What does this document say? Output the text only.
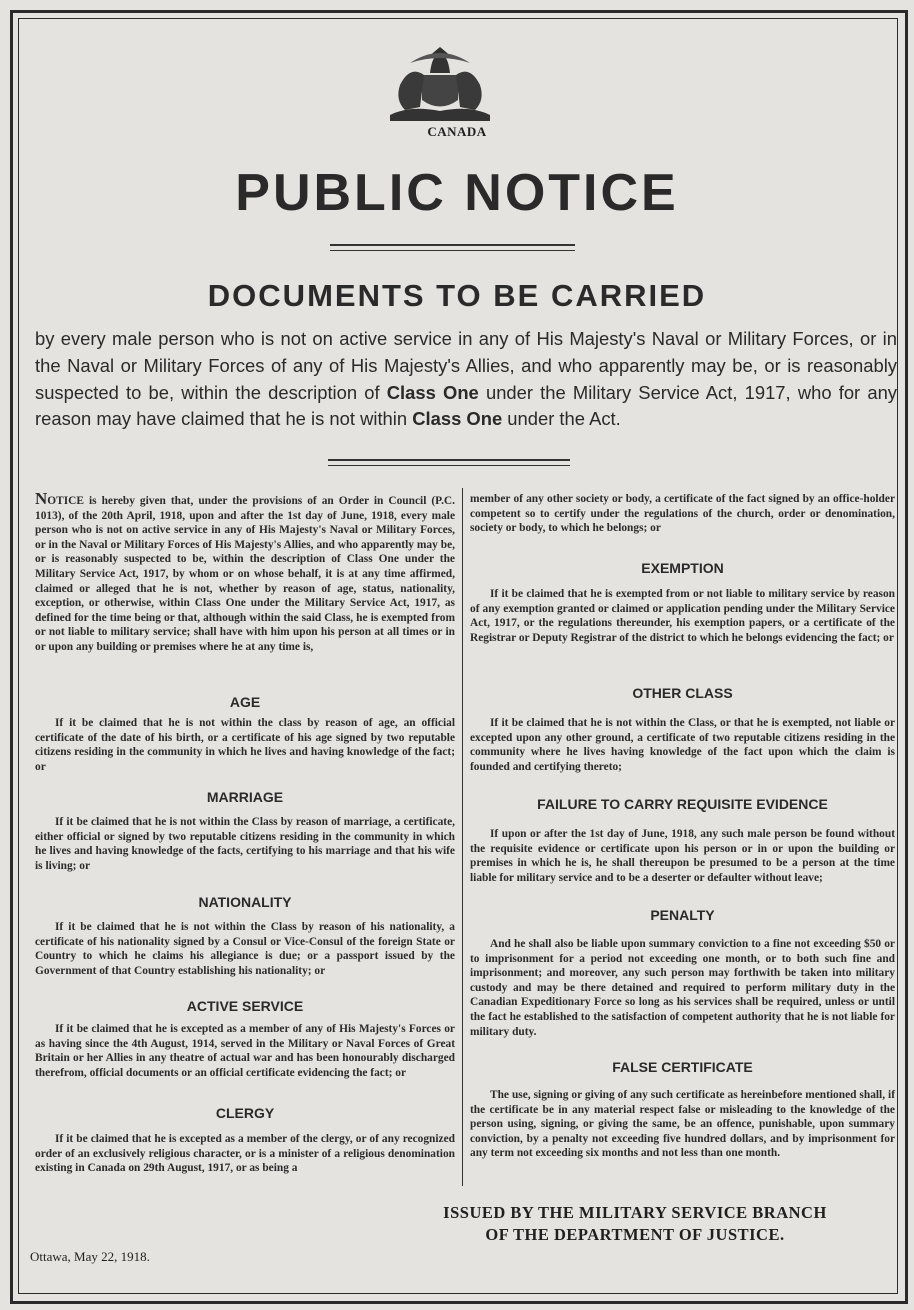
CANADA
PUBLIC NOTICE
DOCUMENTS TO BE CARRIED
by every male person who is not on active service in any of His Majesty's Naval or Military Forces, or in the Naval or Military Forces of any of His Majesty's Allies, and who apparently may be, or is reasonably suspected to be, within the description of Class One under the Military Service Act, 1917, who for any reason may have claimed that he is not within Class One under the Act.
NOTICE is hereby given that, under the provisions of an Order in Council (P.C. 1013), of the 20th April, 1918, upon and after the 1st day of June, 1918, every male person who is not on active service in any of His Majesty's Naval or Military Forces, or in the Naval or Military Forces of His Majesty's Allies, and who apparently may be, or is reasonably suspected to be, within the description of Class One under the Military Service Act, 1917, by whom or on whose behalf, it is at any time affirmed, claimed or alleged that he is not, whether by reason of age, status, nationality, exception, or otherwise, within Class One under the Military Service Act, 1917, as defined for the time being or that, although within the said Class, he is exempted from or not liable to military service; shall have with him upon his person at all times or in or upon any building or premises where he at any time is,
AGE
If it be claimed that he is not within the class by reason of age, an official certificate of the date of his birth, or a certificate of his age signed by two reputable citizens residing in the community in which he lives and having knowledge of the fact; or
MARRIAGE
If it be claimed that he is not within the Class by reason of marriage, a certificate, either official or signed by two reputable citizens residing in the community in which he lives and having knowledge of the facts, certifying to his marriage and that his wife is living; or
NATIONALITY
If it be claimed that he is not within the Class by reason of his nationality, a certificate of his nationality signed by a Consul or Vice-Consul of the foreign State or Country to which he claims his allegiance is due; or a passport issued by the Government of that Country establishing his nationality; or
ACTIVE SERVICE
If it be claimed that he is excepted as a member of any of His Majesty's Forces or as having since the 4th August, 1914, served in the Military or Naval Forces of Great Britain or her Allies in any theatre of actual war and has been honourably discharged therefrom, official documents or an official certificate evidencing the fact; or
CLERGY
If it be claimed that he is excepted as a member of the clergy, or of any recognized order of an exclusively religious character, or is a minister of a religious denomination existing in Canada on 29th August, 1917, or as being a
member of any other society or body, a certificate of the fact signed by an office-holder competent so to certify under the regulations of the church, order or denomination, society or body, to which he belongs; or
EXEMPTION
If it be claimed that he is exempted from or not liable to military service by reason of any exemption granted or claimed or application pending under the Military Service Act, 1917, or the regulations thereunder, his exemption papers, or a certificate of the Registrar or Deputy Registrar of the district to which he belongs evidencing the fact; or
OTHER CLASS
If it be claimed that he is not within the Class, or that he is exempted, not liable or excepted upon any other ground, a certificate of two reputable citizens residing in the community where he lives having knowledge of the fact upon which the claim is founded and certifying thereto;
FAILURE TO CARRY REQUISITE EVIDENCE
If upon or after the 1st day of June, 1918, any such male person be found without the requisite evidence or certificate upon his person or in or upon the building or premises in which he is, he shall thereupon be presumed to be a person at the time liable for military service and to be a deserter or defaulter without leave;
PENALTY
And he shall also be liable upon summary conviction to a fine not exceeding $50 or to imprisonment for a period not exceeding one month, or to both such fine and imprisonment; and moreover, any such person may forthwith be taken into military custody and may be there detained and required to perform military duty in the Canadian Expeditionary Force so long as his services shall be required, unless or until the fact he established to the satisfaction of competent authority that he is not liable for military duty.
FALSE CERTIFICATE
The use, signing or giving of any such certificate as hereinbefore mentioned shall, if the certificate be in any material respect false or misleading to the knowledge of the person using, signing, or giving the same, be an offence, punishable, upon summary conviction, by a penalty not exceeding five hundred dollars, and by imprisonment for any term not exceeding six months and not less than one month.
ISSUED BY THE MILITARY SERVICE BRANCH
OF THE DEPARTMENT OF JUSTICE.
Ottawa, May 22, 1918.
